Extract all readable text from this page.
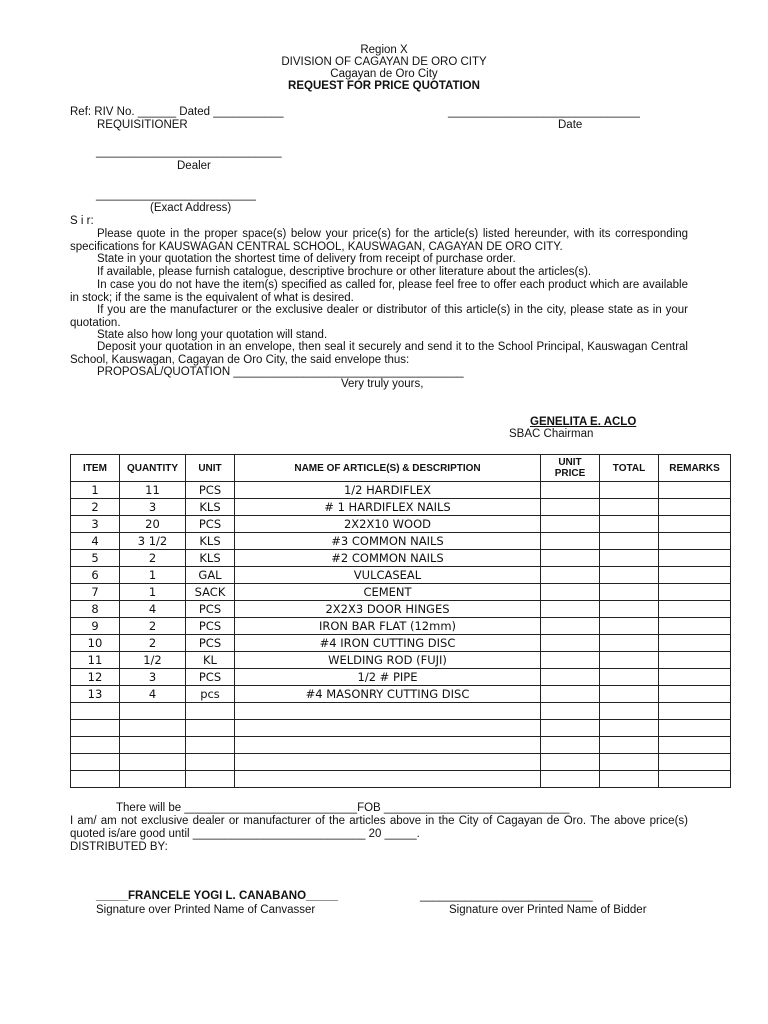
Region X
DIVISION OF CAGAYAN DE ORO CITY
Cagayan de Oro City
REQUEST FOR PRICE QUOTATION
Ref: RIV No. ______ Dated ___________	______________________________
REQUISITIONER	Date
_____________________________
Dealer
_________________________
(Exact Address)
S i r:
Please quote in the proper space(s) below your price(s) for the article(s) listed hereunder, with its corresponding specifications for KAUSWAGAN CENTRAL SCHOOL, KAUSWAGAN, CAGAYAN DE ORO CITY.
State in your quotation the shortest time of delivery from receipt of purchase order.
If available, please furnish catalogue, descriptive brochure or other literature about the articles(s).
In case you do not have the item(s) specified as called for, please feel free to offer each product which are available in stock; if the same is the equivalent of what is desired.
If you are the manufacturer or the exclusive dealer or distributor of this article(s) in the city, please state as in your quotation.
State also how long your quotation will stand.
Deposit your quotation in an envelope, then seal it securely and send it to the School Principal, Kauswagan Central School, Kauswagan, Cagayan de Oro City, the said envelope thus:
PROPOSAL/QUOTATION ____________________________________
Very truly yours,
GENELITA E. ACLO
SBAC Chairman
ITEM	QUANTITY	UNIT	NAME OF ARTICLE(S) & DESCRIPTION	UNIT PRICE	TOTAL	REMARKS
1	11	PCS	1/2 HARDIFLEX			
2	3	KLS	# 1 HARDIFLEX NAILS			
3	20	PCS	2X2X10 WOOD			
4	3 1/2	KLS	#3 COMMON NAILS			
5	2	KLS	#2 COMMON NAILS			
6	1	GAL	VULCASEAL			
7	1	SACK	CEMENT			
8	4	PCS	2X2X3 DOOR HINGES			
9	2	PCS	IRON BAR FLAT (12mm)			
10	2	PCS	#4 IRON CUTTING DISC			
11	1/2	KL	WELDING ROD (FUJI)			
12	3	PCS	1/2 # PIPE			
13	4	pcs	#4 MASONRY CUTTING DISC			

There will be ___________________________FOB _____________________________
I am/ am not exclusive dealer or manufacturer of the articles above in the City of Cagayan de Oro. The above price(s) quoted is/are good until ___________________________ 20 _____.
DISTRIBUTED BY:
_____FRANCELE YOGI L. CANABANO_____
Signature over Printed Name of Canvasser
___________________________
Signature over Printed Name of Bidder
